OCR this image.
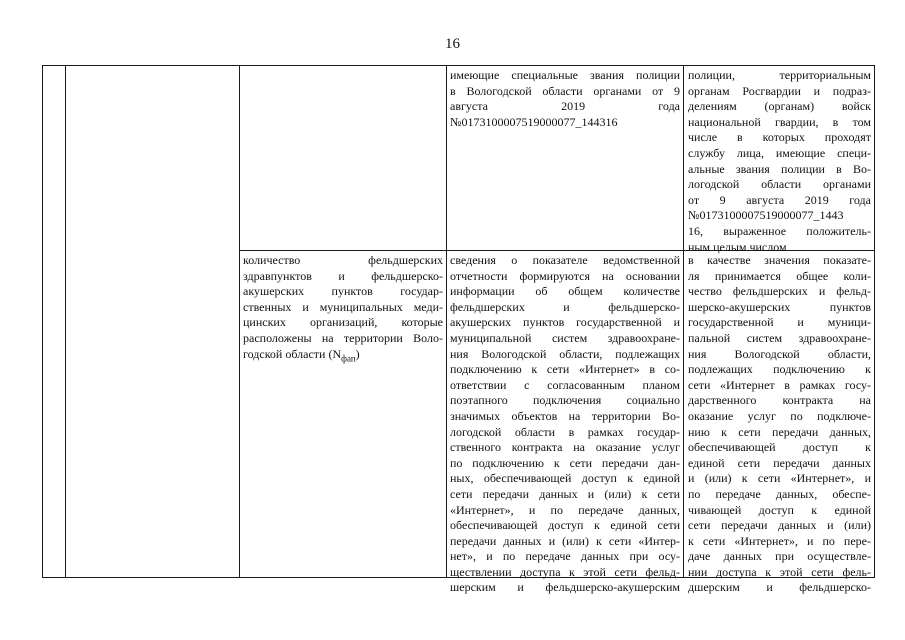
16

имеющие специальные звания полиции

в Вологодской области органами от 9

августа 2019 года

№0173100007519000077_144316

полиции, территориальным

органам Росгвардии и подраз-

делениям (органам) войск

национальной гвардии, в том

числе в которых проходят

службу лица, имеющие специ-

альные звания полиции в Во-

логодской области органами

от 9 августа 2019 года

№0173100007519000077_1443

16, выраженное положитель-

ным целым числом

количество фельдшерских

здравпунктов и фельдшерско-

акушерских пунктов государ-

ственных и муниципальных меди-

цинских организаций, которые

расположены на территории Воло-

годской области $(N_{фап})$

сведения о показателе ведомственной

отчетности формируются на основании

информации об общем количестве

фельдшерских и фельдшерско-

акушерских пунктов государственной и

муниципальной систем здравоохране-

ния Вологодской области, подлежащих

подключению к сети «Интернет» в со-

ответствии с согласованным планом

поэтапного подключения социально

значимых объектов на территории Во-

логодской области в рамках государ-

ственного контракта на оказание услуг

по подключению к сети передачи дан-

ных, обеспечивающей доступ к единой

сети передачи данных и (или) к сети

«Интернет», и по передаче данных,

обеспечивающей доступ к единой сети

передачи данных и (или) к сети «Интер-

нет», и по передаче данных при осу-

ществлении доступа к этой сети фельд-

шерским и фельдшерско-акушерским

в качестве значения показате-

ля принимается общее коли-

чество фельдшерских и фельд-

шерско-акушерских пунктов

государственной и муници-

пальной систем здравоохране-

ния Вологодской области,

подлежащих подключению к

сети «Интернет в рамках госу-

дарственного контракта на

оказание услуг по подключе-

нию к сети передачи данных,

обеспечивающей доступ к

единой сети передачи данных

и (или) к сети «Интернет», и

по передаче данных, обеспе-

чивающей доступ к единой

сети передачи данных и (или)

к сети «Интернет», и по пере-

даче данных при осуществле-

нии доступа к этой сети фель-

дшерским и фельдшерско-
